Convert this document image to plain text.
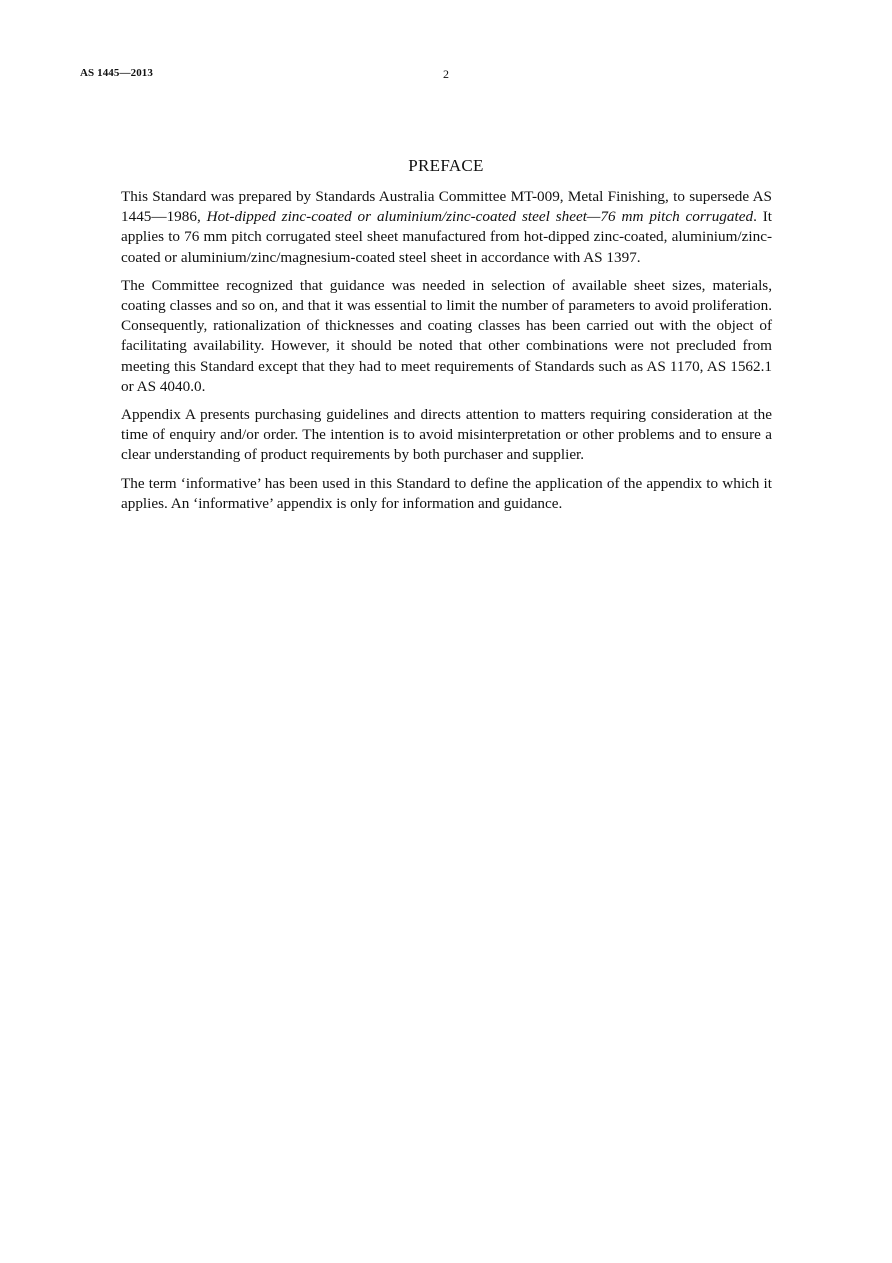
AS 1445—2013	2
PREFACE

This Standard was prepared by Standards Australia Committee MT-009, Metal Finishing, to supersede AS 1445—1986, Hot-dipped zinc-coated or aluminium/zinc-coated steel sheet—76 mm pitch corrugated. It applies to 76 mm pitch corrugated steel sheet manufactured from hot-dipped zinc-coated, aluminium/zinc-coated or aluminium/zinc/magnesium-coated steel sheet in accordance with AS 1397.

The Committee recognized that guidance was needed in selection of available sheet sizes, materials, coating classes and so on, and that it was essential to limit the number of parameters to avoid proliferation. Consequently, rationalization of thicknesses and coating classes has been carried out with the object of facilitating availability. However, it should be noted that other combinations were not precluded from meeting this Standard except that they had to meet requirements of Standards such as AS 1170, AS 1562.1 or AS 4040.0.

Appendix A presents purchasing guidelines and directs attention to matters requiring consideration at the time of enquiry and/or order. The intention is to avoid misinterpretation or other problems and to ensure a clear understanding of product requirements by both purchaser and supplier.

The term ‘informative’ has been used in this Standard to define the application of the appendix to which it applies. An ‘informative’ appendix is only for information and guidance.
